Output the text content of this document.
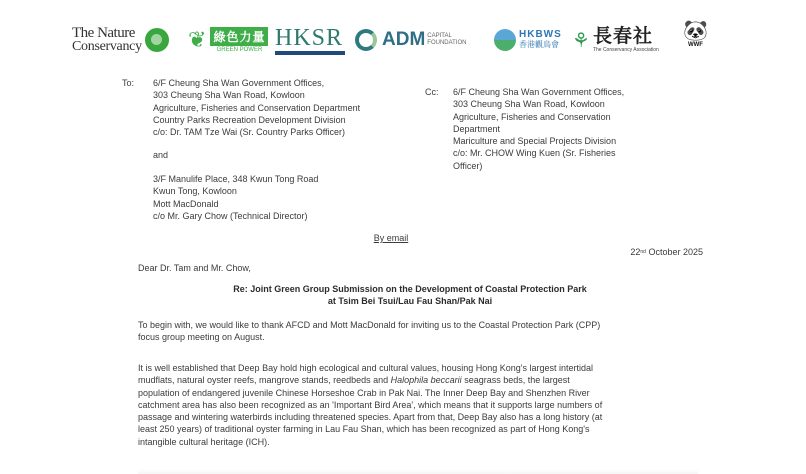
The Nature
Conservancy ❦ 綠色力量
GREEN POWER HKSR ADM CAPITAL
FOUNDATION
HKBWS
香港觀鳥會 ⚘ 長春社
The Conservancy Association
🐼
WWF
To: 6/F Cheung Sha Wan Government Offices,
303 Cheung Sha Wan Road, Kowloon
Agriculture, Fisheries and Conservation Department
Country Parks Recreation Development Division
c/o: Dr. TAM Tze Wai (Sr. Country Parks Officer)
and
3/F Manulife Place, 348 Kwun Tong Road
Kwun Tong, Kowloon
Mott MacDonald
c/o Mr. Gary Chow (Technical Director)
Cc: 6/F Cheung Sha Wan Government Offices,
303 Cheung Sha Wan Road, Kowloon
Agriculture, Fisheries and Conservation
Department
Mariculture and Special Projects Division
c/o: Mr. CHOW Wing Kuen (Sr. Fisheries
Officer)
By email
22nd October 2025
Dear Dr. Tam and Mr. Chow,
Re: Joint Green Group Submission on the Development of Coastal Protection Park
at Tsim Bei Tsui/Lau Fau Shan/Pak Nai
To begin with, we would like to thank AFCD and Mott MacDonald for inviting us to the Coastal Protection Park (CPP)
focus group meeting on August.
It is well established that Deep Bay hold high ecological and cultural values, housing Hong Kong's largest intertidal
mudflats, natural oyster reefs, mangrove stands, reedbeds and Halophila beccarii seagrass beds, the largest
population of endangered juvenile Chinese Horseshoe Crab in Pak Nai. The Inner Deep Bay and Shenzhen River
catchment area has also been recognized as an 'Important Bird Area', which means that it supports large numbers of
passage and wintering waterbirds including threatened species. Apart from that, Deep Bay also has a long history (at
least 250 years) of traditional oyster farming in Lau Fau Shan, which has been recognized as part of Hong Kong's
intangible cultural heritage (ICH).
